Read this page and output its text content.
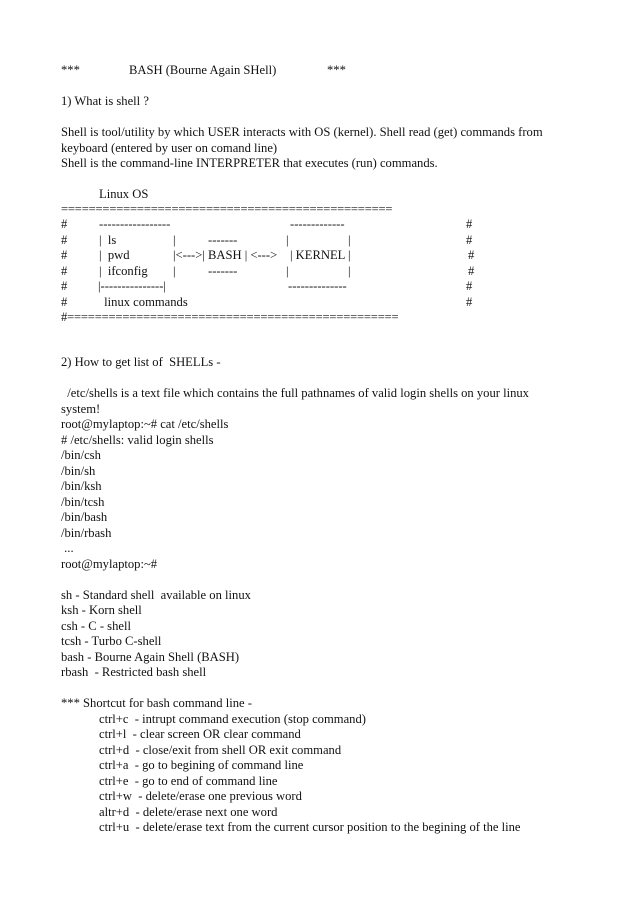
***	BASH (Bourne Again SHell)	***

1) What is shell ?

Shell is tool/utility by which USER interacts with OS (kernel). Shell read (get) commands from

keyboard (entered by user on comand line)

Shell is the command-line INTERPRETER that executes (run) commands.

Linux OS

================================================

#

	-----------------

	-------------

	#

#

	|  ls

	|

	-------

	|

	|

	#

#

	|  pwd

	|<--->| BASH | <--->

| KERNEL |

	#

#

	|  ifconfig

|

	-------

	|

	|

	#

#

|---------------|

	--------------

	#

#

	linux commands

	#

#================================================

2) How to get list of  SHELLs -

/etc/shells is a text file which contains the full pathnames of valid login shells on your linux

system!

root@mylaptop:~# cat /etc/shells

# /etc/shells: valid login shells

/bin/csh

/bin/sh

/bin/ksh

/bin/tcsh

/bin/bash

/bin/rbash

...

root@mylaptop:~#

sh - Standard shell  available on linux

ksh - Korn shell

csh - C - shell

tcsh - Turbo C-shell

bash - Bourne Again Shell (BASH)

rbash  - Restricted bash shell

*** Shortcut for bash command line -

ctrl+c  - intrupt command execution (stop command)

ctrl+l  - clear screen OR clear command

ctrl+d  - close/exit from shell OR exit command

ctrl+a  - go to begining of command line

ctrl+e  - go to end of command line

ctrl+w  - delete/erase one previous word

altr+d  - delete/erase next one word

ctrl+u  - delete/erase text from the current cursor position to the begining of the line
